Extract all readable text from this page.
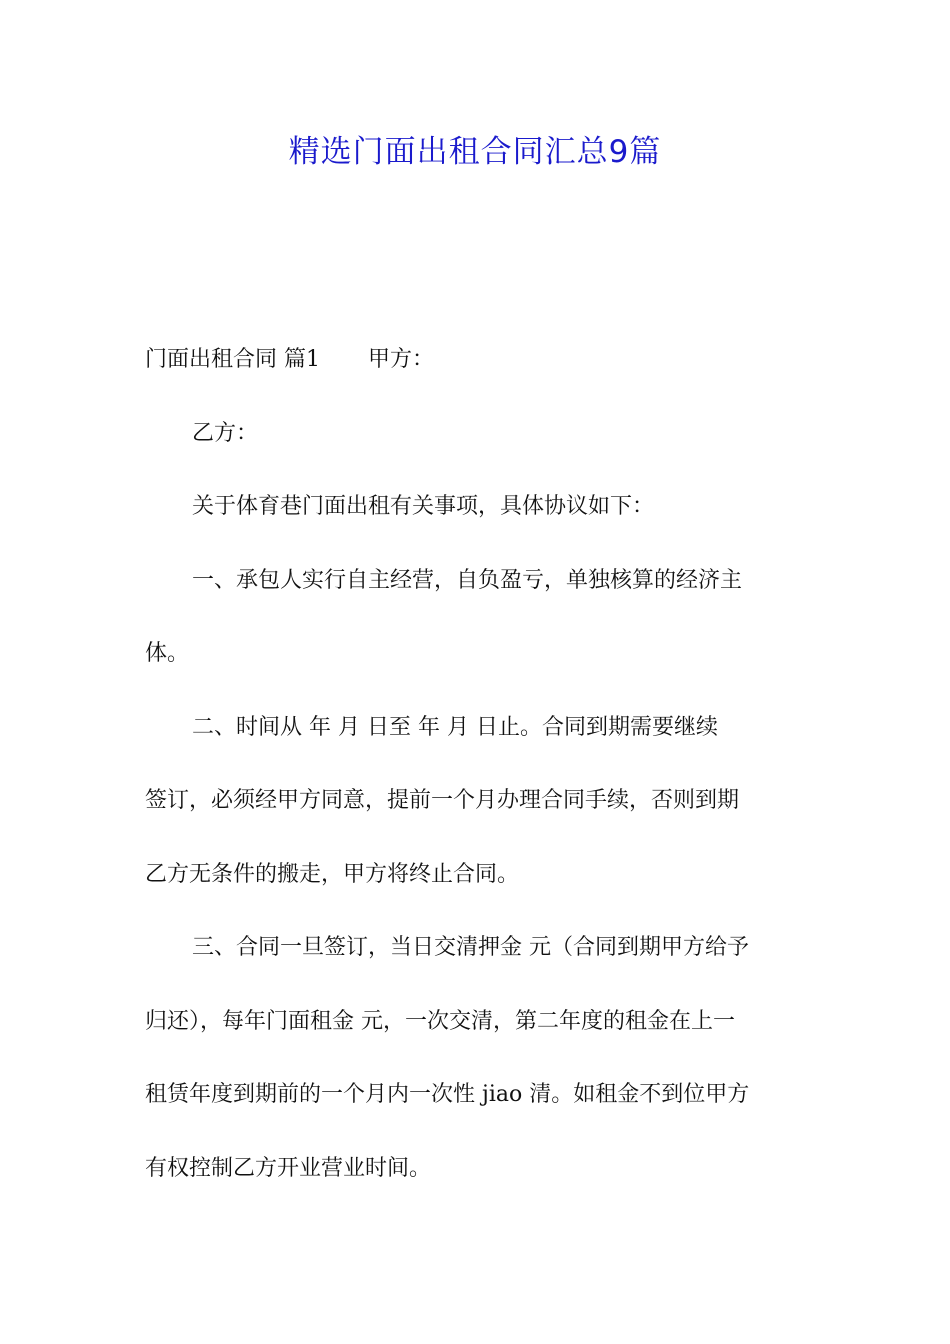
精选门面出租合同汇总9篇

门面出租合同 篇1 甲方：

乙方：

关于体育巷门面出租有关事项，具体协议如下：

一、承包人实行自主经营，自负盈亏，单独核算的经济主
体。

二、时间从 年 月 日至 年 月 日止。合同到期需要继续
签订，必须经甲方同意，提前一个月办理合同手续，否则到期
乙方无条件的搬走，甲方将终止合同。

三、合同一旦签订，当日交清押金 元（合同到期甲方给予
归还），每年门面租金 元，一次交清，第二年度的租金在上一
租赁年度到期前的一个月内一次性 jiao 清。如租金不到位甲方
有权控制乙方开业营业时间。
